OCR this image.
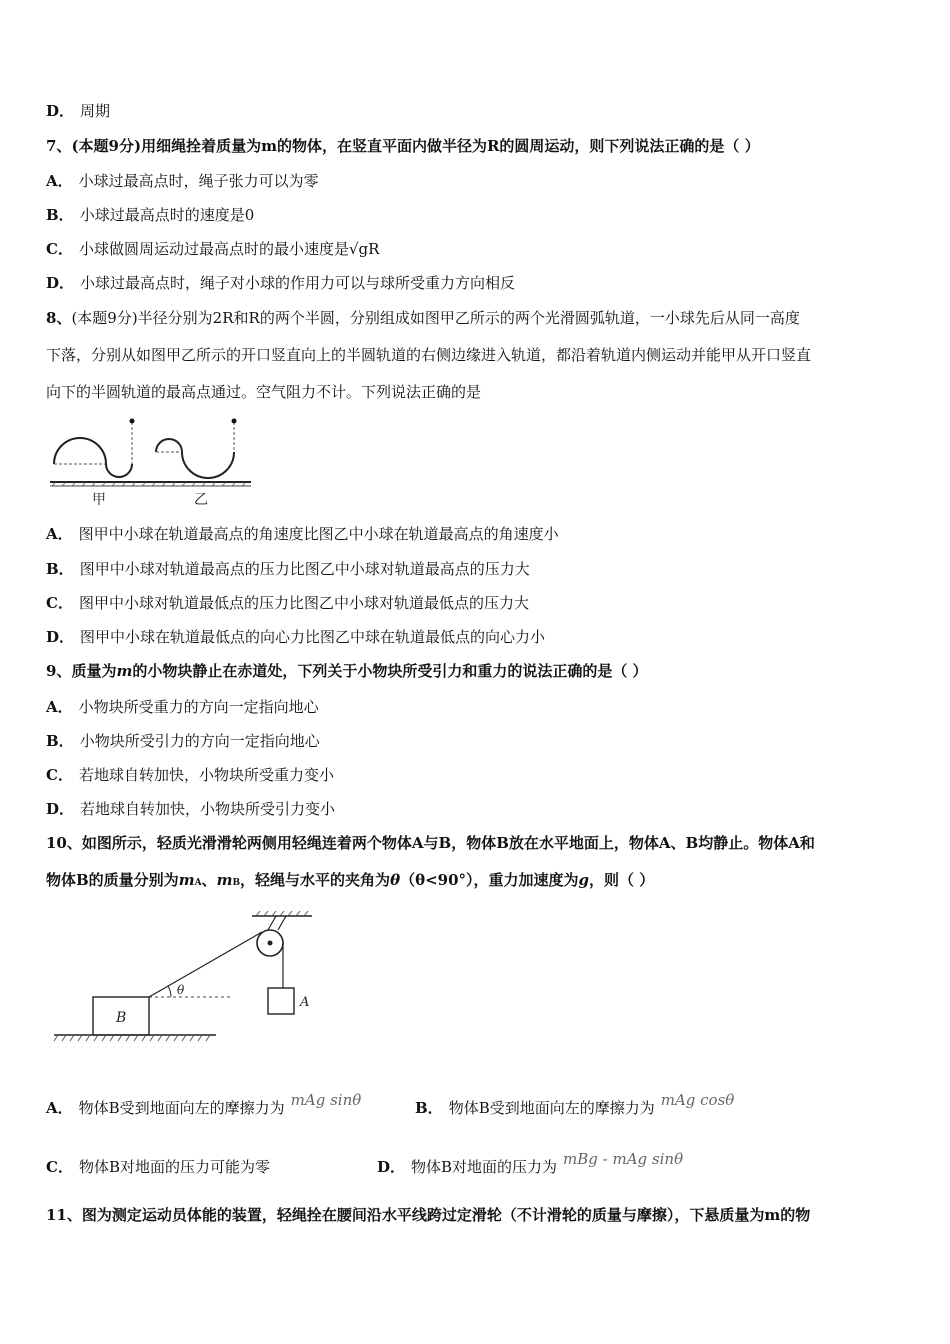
D． 周期
7、(本题9分)用细绳拴着质量为m的物体，在竖直平面内做半径为R的圆周运动，则下列说法正确的是（ ）
A． 小球过最高点时，绳子张力可以为零
B． 小球过最高点时的速度是0
C． 小球做圆周运动过最高点时的最小速度是√gR
D． 小球过最高点时，绳子对小球的作用力可以与球所受重力方向相反
8、(本题9分)半径分别为2R和R的两个半圆，分别组成如图甲乙所示的两个光滑圆弧轨道，一小球先后从同一高度
下落，分别从如图甲乙所示的开口竖直向上的半圆轨道的右侧边缘进入轨道，都沿着轨道内侧运动并能甲从开口竖直
向下的半圆轨道的最高点通过。空气阻力不计。下列说法正确的是
甲	乙
A． 图甲中小球在轨道最高点的角速度比图乙中小球在轨道最高点的角速度小
B． 图甲中小球对轨道最高点的压力比图乙中小球对轨道最高点的压力大
C． 图甲中小球对轨道最低点的压力比图乙中小球对轨道最低点的压力大
D． 图甲中小球在轨道最低点的向心力比图乙中球在轨道最低点的向心力小
9、质量为m的小物块静止在赤道处，下列关于小物块所受引力和重力的说法正确的是（ ）
A． 小物块所受重力的方向一定指向地心
B． 小物块所受引力的方向一定指向地心
C． 若地球自转加快，小物块所受重力变小
D． 若地球自转加快，小物块所受引力变小
10、如图所示，轻质光滑滑轮两侧用轻绳连着两个物体A与B，物体B放在水平地面上，物体A、B均静止。物体A和
物体B的质量分别为mA、mB，轻绳与水平的夹角为θ（θ<90°），重力加速度为g，则（ ）
B
A
θ
A． 物体B受到地面向左的摩擦力为 mAg sinθ	B． 物体B受到地面向左的摩擦力为 mAg cosθ
C． 物体B对地面的压力可能为零	D． 物体B对地面的压力为 mBg - mAg sinθ
11、图为测定运动员体能的装置，轻绳拴在腰间沿水平线跨过定滑轮（不计滑轮的质量与摩擦），下悬质量为m的物
